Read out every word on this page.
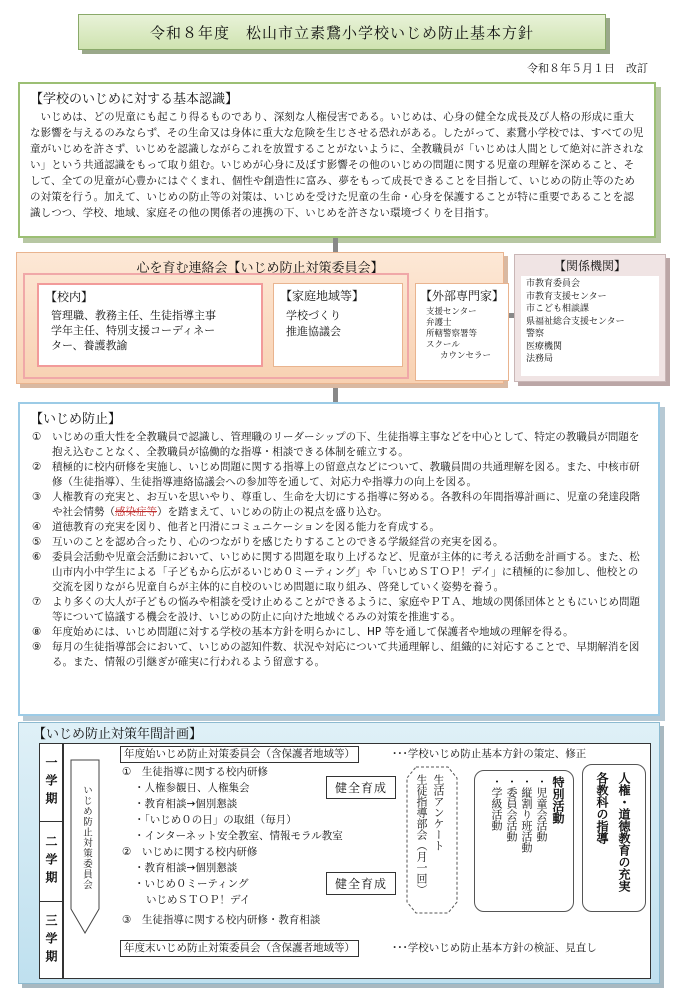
令和８年度　松山市立素鵞小学校いじめ防止基本方針
令和８年５月１日　改訂
【学校のいじめに対する基本認識】

いじめは、どの児童にも起こり得るものであり、深刻な人権侵害である。いじめは、心身の健全な成長及び人格の形成に重大な影響を与えるのみならず、その生命又は身体に重大な危険を生じさせる恐れがある。したがって、素鵞小学校では、すべての児童がいじめを許さず、いじめを認識しながらこれを放置することがないように、全教職員が「いじめは人間として絶対に許されない」という共通認識をもって取り組む。いじめが心身に及ぼす影響その他のいじめの問題に関する児童の理解を深めること、そして、全ての児童が心豊かにはぐくまれ、個性や創造性に富み、夢をもって成長できることを目指して、いじめの防止等のための対策を行う。加えて、いじめの防止等の対策は、いじめを受けた児童の生命・心身を保護することが特に重要であることを認識しつつ、学校、地域、家庭その他の関係者の連携の下、いじめを許さない環境づくりを目指す。

心を育む連絡会【いじめ防止対策委員会】
【校内】

管理職、教務主任、生徒指導主事
学年主任、特別支援コーディネー
ター、養護教諭

【家庭地域等】

学校づくり
推進協議会

【外部専門家】

支援センター
弁護士
所轄警察署等
スクール
カウンセラー

【関係機関】

市教育委員会

市教育支援センター

市こども相談課

県福祉総合支援センター

警察

医療機関

法務局

【いじめ防止】
①	いじめの重大性を全教職員で認識し、管理職のリーダーシップの下、生徒指導主事などを中心として、特定の教職員が問題を抱え込むことなく、全教職員が協働的な指導・相談できる体制を確立する。
②	積極的に校内研修を実施し、いじめ問題に関する指導上の留意点などについて、教職員間の共通理解を図る。また、中核市研修（生徒指導）、生徒指導連絡協議会への参加等を通して、対応力や指導力の向上を図る。
③	人権教育の充実と、お互いを思いやり、尊重し、生命を大切にする指導に努める。各教科の年間指導計画に、児童の発達段階や社会情勢（感染症等）を踏まえて、いじめの防止の視点を盛り込む。
④	道徳教育の充実を図り、他者と円滑にコミュニケーションを図る能力を育成する。
⑤	互いのことを認め合ったり、心のつながりを感じたりすることのできる学級経営の充実を図る。
⑥	委員会活動や児童会活動において、いじめに関する問題を取り上げるなど、児童が主体的に考える活動を計画する。また、松山市内小中学生による「子どもから広がるいじめ０ミーティング」や「いじめＳＴＯＰ！デイ」に積極的に参加し、他校との交流を図りながら児童自らが主体的に自校のいじめ問題に取り組み、啓発していく姿勢を養う。
⑦	より多くの大人が子どもの悩みや相談を受け止めることができるように、家庭やＰＴＡ、地域の関係団体とともにいじめ問題等について協議する機会を設け、いじめの防止に向けた地域ぐるみの対策を推進する。
⑧	年度始めには、いじめ問題に対する学校の基本方針を明らかにし、HP 等を通して保護者や地域の理解を得る。
⑨	毎月の生徒指導部会において、いじめの認知件数、状況や対応について共通理解し、組織的に対応することで、早期解消を図る。また、情報の引継ぎが確実に行われるよう留意する。
【いじめ防止対策年間計画】
一学期
二学期
三学期
年度始いじめ防止対策委員会（含保護者地域等）	･･･学校いじめ防止基本方針の策定、修正
①　生徒指導に関する校内研修
・人権参観日、人権集会
・教育相談→個別懇談
・「いじめ０の日」の取組（毎月）
・インターネット安全教室、情報モラル教室
②　いじめに関する校内研修
・教育相談→個別懇談
・いじめ０ミーティング
いじめＳＴＯＰ！デイ
③　生徒指導に関する校内研修・教育相談
健全育成
健全育成
生活アンケート
生徒指導部会（月一回）	特別活動
・児童会活動
・縦割り班活動
・委員会活動
・学級活動	人権・道徳教育の充実
各教科の指導
年度末いじめ防止対策委員会（含保護者地域等）	･･･学校いじめ防止基本方針の検証、見直し
いじめ防止対策委員会
